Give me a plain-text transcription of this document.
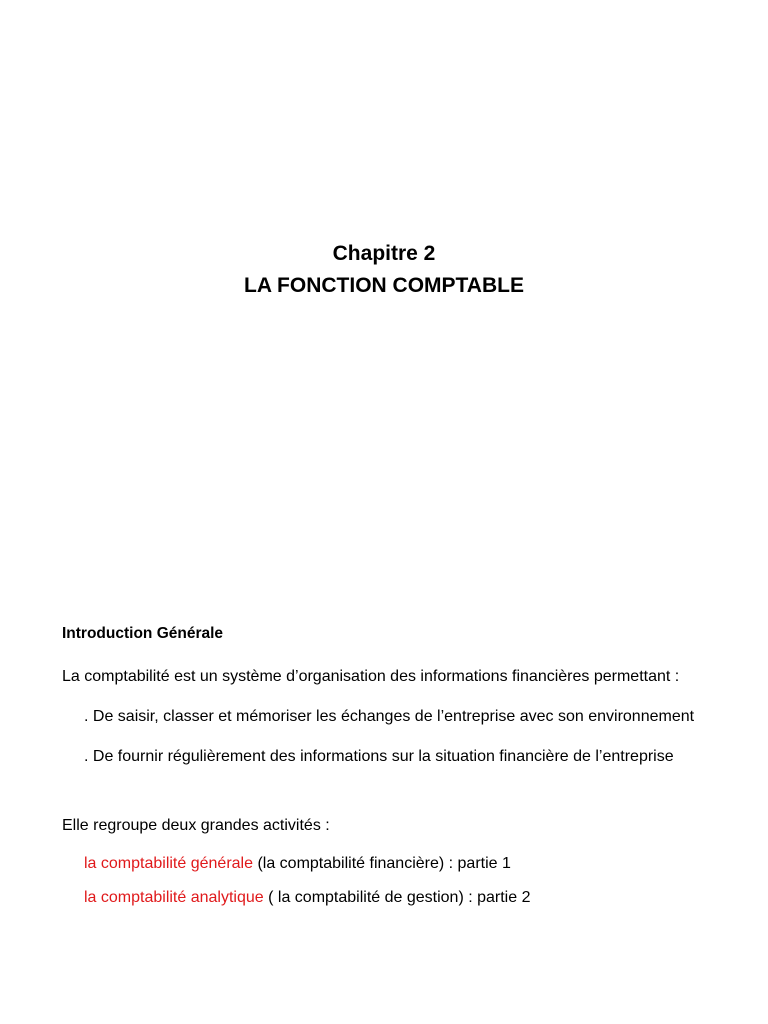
Chapitre 2
LA FONCTION COMPTABLE
Introduction Générale

La comptabilité est un système d’organisation des informations financières permettant :

. De saisir, classer et mémoriser les échanges de l’entreprise avec son environnement

. De fournir régulièrement des informations sur la situation financière de l’entreprise

Elle regroupe deux grandes activités :
la comptabilité générale (la comptabilité financière) : partie 1
la comptabilité analytique ( la comptabilité de gestion) : partie 2
